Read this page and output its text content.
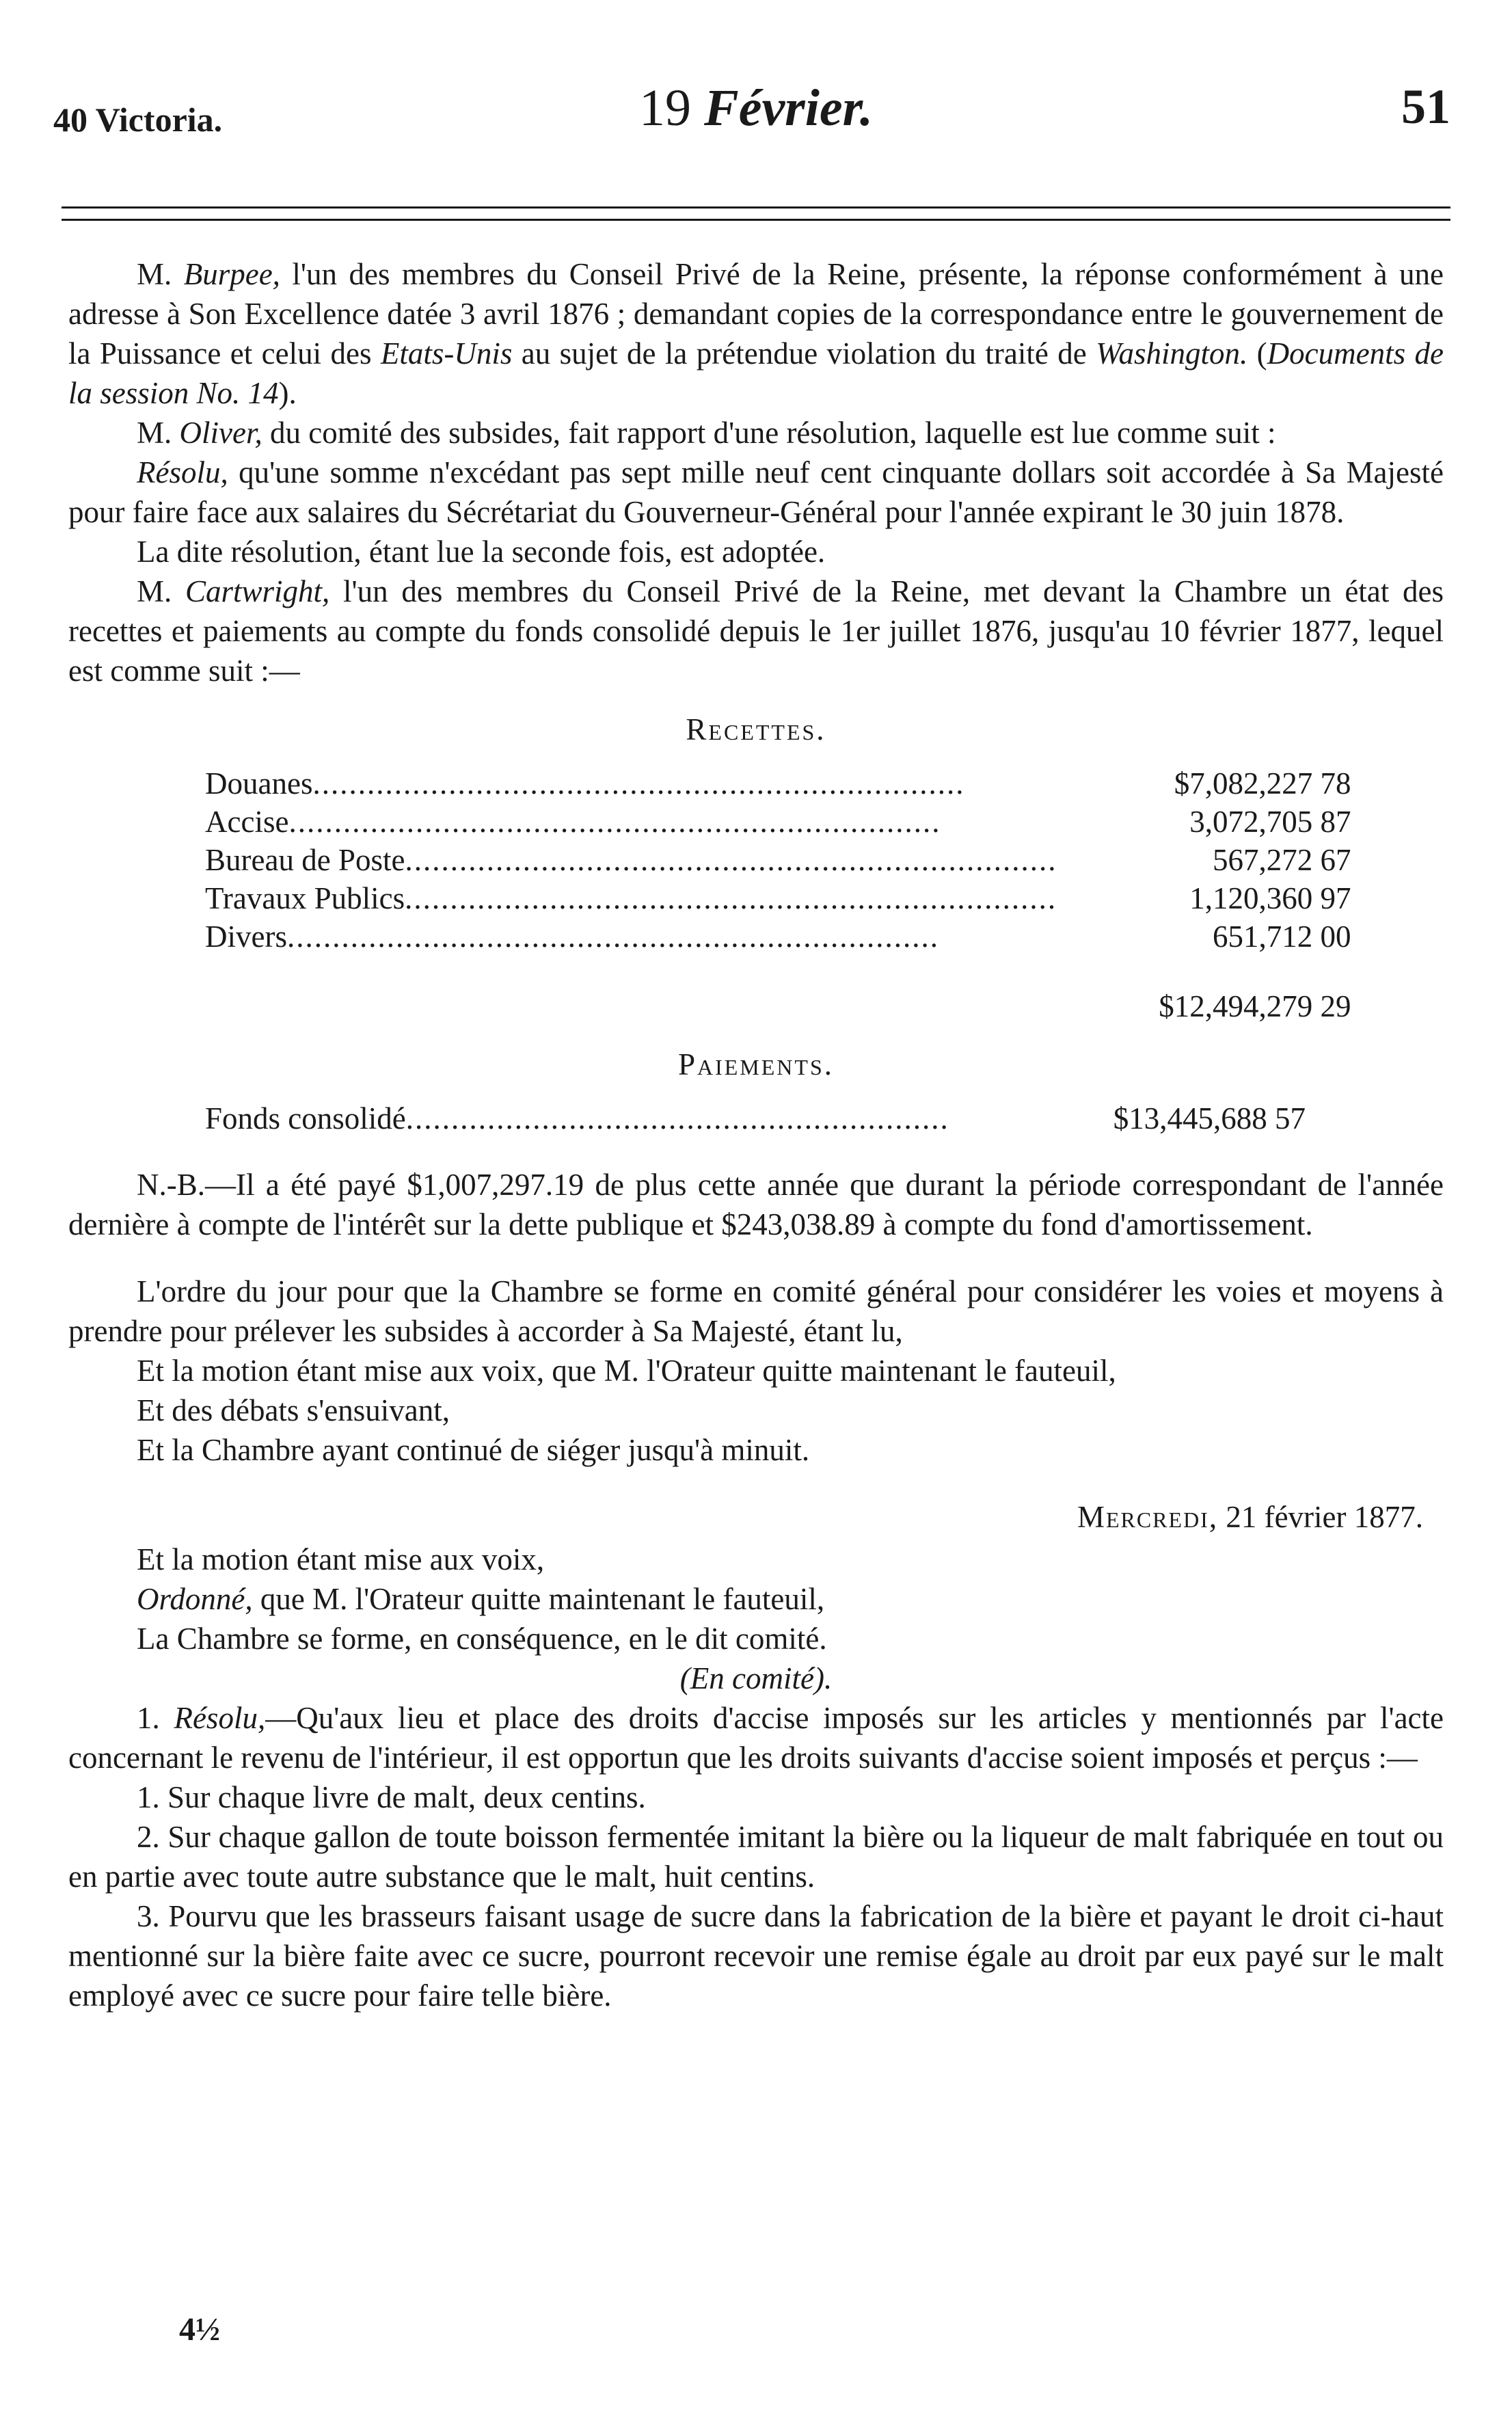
40 Victoria.	19 Février.	51

M. Burpee, l'un des membres du Conseil Privé de la Reine, présente, la réponse conformément à une adresse à Son Excellence datée 3 avril 1876 ; demandant copies de la correspondance entre le gouvernement de la Puissance et celui des Etats-Unis au sujet de la prétendue violation du traité de Washington. (Documents de la session No. 14).

M. Oliver, du comité des subsides, fait rapport d'une résolution, laquelle est lue comme suit :

Résolu, qu'une somme n'excédant pas sept mille neuf cent cinquante dollars soit accordée à Sa Majesté pour faire face aux salaires du Sécrétariat du Gouverneur-Général pour l'année expirant le 30 juin 1878.

La dite résolution, étant lue la seconde fois, est adoptée.

M. Cartwright, l'un des membres du Conseil Privé de la Reine, met devant la Chambre un état des recettes et paiements au compte du fonds consolidé depuis le 1er juillet 1876, jusqu'au 10 février 1877, lequel est comme suit :—

Recettes.
Douanes........................................................................	$7,082,227 78
Accise........................................................................	3,072,705 87
Bureau de Poste........................................................................	567,272 67
Travaux Publics........................................................................	1,120,360 97
Divers........................................................................	651,712 00
	$12,494,279 29
Paiements.
Fonds consolidé............................................................	$13,445,688 57

N.-B.—Il a été payé $1,007,297.19 de plus cette année que durant la période correspondant de l'année dernière à compte de l'intérêt sur la dette publique et $243,038.89 à compte du fond d'amortissement.

L'ordre du jour pour que la Chambre se forme en comité général pour considérer les voies et moyens à prendre pour prélever les subsides à accorder à Sa Majesté, étant lu,

Et la motion étant mise aux voix, que M. l'Orateur quitte maintenant le fauteuil,

Et des débats s'ensuivant,

Et la Chambre ayant continué de siéger jusqu'à minuit.

Mercredi, 21 février 1877.

Et la motion étant mise aux voix,

Ordonné, que M. l'Orateur quitte maintenant le fauteuil,

La Chambre se forme, en conséquence, en le dit comité.

(En comité).

1. Résolu,—Qu'aux lieu et place des droits d'accise imposés sur les articles y mentionnés par l'acte concernant le revenu de l'intérieur, il est opportun que les droits suivants d'accise soient imposés et perçus :—

1. Sur chaque livre de malt, deux centins.

2. Sur chaque gallon de toute boisson fermentée imitant la bière ou la liqueur de malt fabriquée en tout ou en partie avec toute autre substance que le malt, huit centins.

3. Pourvu que les brasseurs faisant usage de sucre dans la fabrication de la bière et payant le droit ci-haut mentionné sur la bière faite avec ce sucre, pourront recevoir une remise égale au droit par eux payé sur le malt employé avec ce sucre pour faire telle bière.

4½
